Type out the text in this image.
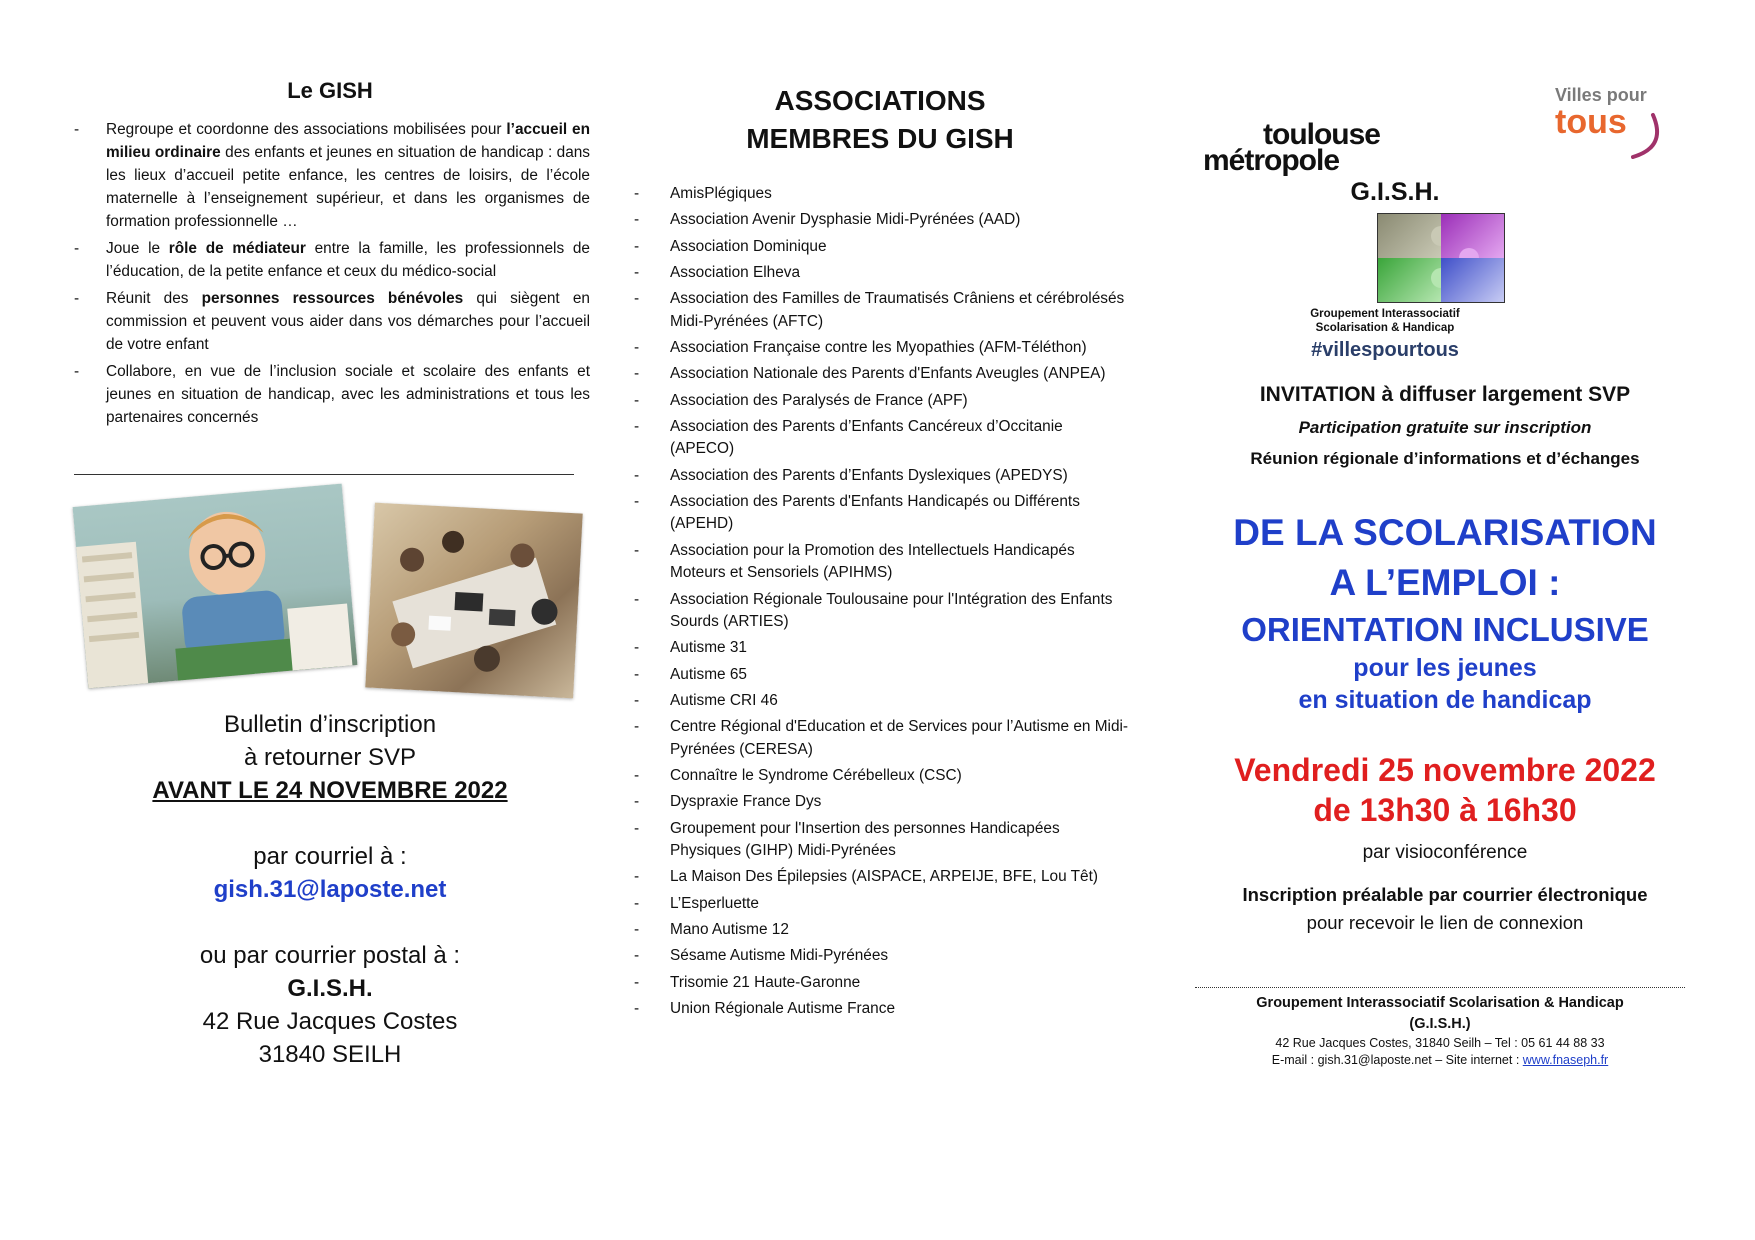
Le GISH
- Regroupe et coordonne des associations mobilisées pour l’accueil en milieu ordinaire des enfants et jeunes en situation de handicap : dans les lieux d’accueil petite enfance, les centres de loisirs, de l’école maternelle à l’enseignement supérieur, et dans les organismes de formation professionnelle …
- Joue le rôle de médiateur entre la famille, les professionnels de l’éducation, de la petite enfance et ceux du médico-social
- Réunit des personnes ressources bénévoles qui siègent en commission et peuvent vous aider dans vos démarches pour l’accueil de votre enfant
- Collabore, en vue de l’inclusion sociale et scolaire des enfants et jeunes en situation de handicap, avec les administrations et tous les partenaires concernés
Bulletin d’inscription
à retourner SVP
AVANT LE 24 NOVEMBRE 2022
par courriel à :
gish.31@laposte.net
ou par courrier postal à :
G.I.S.H.
42 Rue Jacques Costes
31840 SEILH
ASSOCIATIONS
MEMBRES DU GISH
- AmisPlégiques
- Association Avenir Dysphasie Midi-Pyrénées (AAD)
- Association Dominique
- Association Elheva
- Association des Familles de Traumatisés Crâniens et cérébrolésés Midi-Pyrénées (AFTC)
- Association Française contre les Myopathies (AFM-Téléthon)
- Association Nationale des Parents d'Enfants Aveugles (ANPEA)
- Association des Paralysés de France (APF)
- Association des Parents d’Enfants Cancéreux d’Occitanie (APECO)
- Association des Parents d’Enfants Dyslexiques (APEDYS)
- Association des Parents d'Enfants Handicapés ou Différents (APEHD)
- Association pour la Promotion des Intellectuels Handicapés Moteurs et Sensoriels (APIHMS)
- Association Régionale Toulousaine pour l'Intégration des Enfants Sourds (ARTIES)
- Autisme 31
- Autisme 65
- Autisme CRI 46
- Centre Régional d'Education et de Services pour l’Autisme en Midi-Pyrénées (CERESA)
- Connaître le Syndrome Cérébelleux (CSC)
- Dyspraxie France Dys
- Groupement pour l'Insertion des personnes Handicapées Physiques (GIHP) Midi-Pyrénées
- La Maison Des Épilepsies (AISPACE, ARPEIJE, BFE, Lou Têt)
- L’Esperluette
- Mano Autisme 12
- Sésame Autisme Midi-Pyrénées
- Trisomie 21 Haute-Garonne
- Union Régionale Autisme France
toulouse
métropole
Villes pour
tous
G.I.S.H.
Groupement Interassociatif
Scolarisation & Handicap
#villespourtous
INVITATION à diffuser largement SVP
Participation gratuite sur inscription
Réunion régionale d’informations et d’échanges
DE LA SCOLARISATION
A L’EMPLOI :
ORIENTATION INCLUSIVE
pour les jeunes
en situation de handicap
Vendredi 25 novembre 2022
de 13h30 à 16h30
par visioconférence
Inscription préalable par courrier électronique
pour recevoir le lien de connexion
Groupement Interassociatif Scolarisation & Handicap
(G.I.S.H.)
42 Rue Jacques Costes, 31840 Seilh – Tel : 05 61 44 88 33
E-mail : gish.31@laposte.net – Site internet : www.fnaseph.fr
